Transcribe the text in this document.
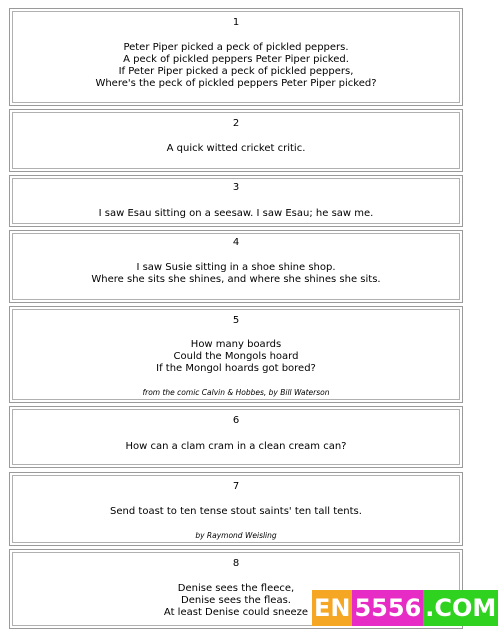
1
Peter Piper picked a peck of pickled peppers.
A peck of pickled peppers Peter Piper picked.
If Peter Piper picked a peck of pickled peppers,
Where's the peck of pickled peppers Peter Piper picked?
2
A quick witted cricket critic.
3
I saw Esau sitting on a seesaw. I saw Esau; he saw me.
4
I saw Susie sitting in a shoe shine shop.
Where she sits she shines, and where she shines she sits.
5
How many boards
Could the Mongols hoard
If the Mongol hoards got bored?
from the comic Calvin & Hobbes, by Bill Waterson
6
How can a clam cram in a clean cream can?
7
Send toast to ten tense stout saints' ten tall tents.
by Raymond Weisling
8
Denise sees the fleece,
Denise sees the fleas.
At least Denise could sneeze EN 5556 .COM
